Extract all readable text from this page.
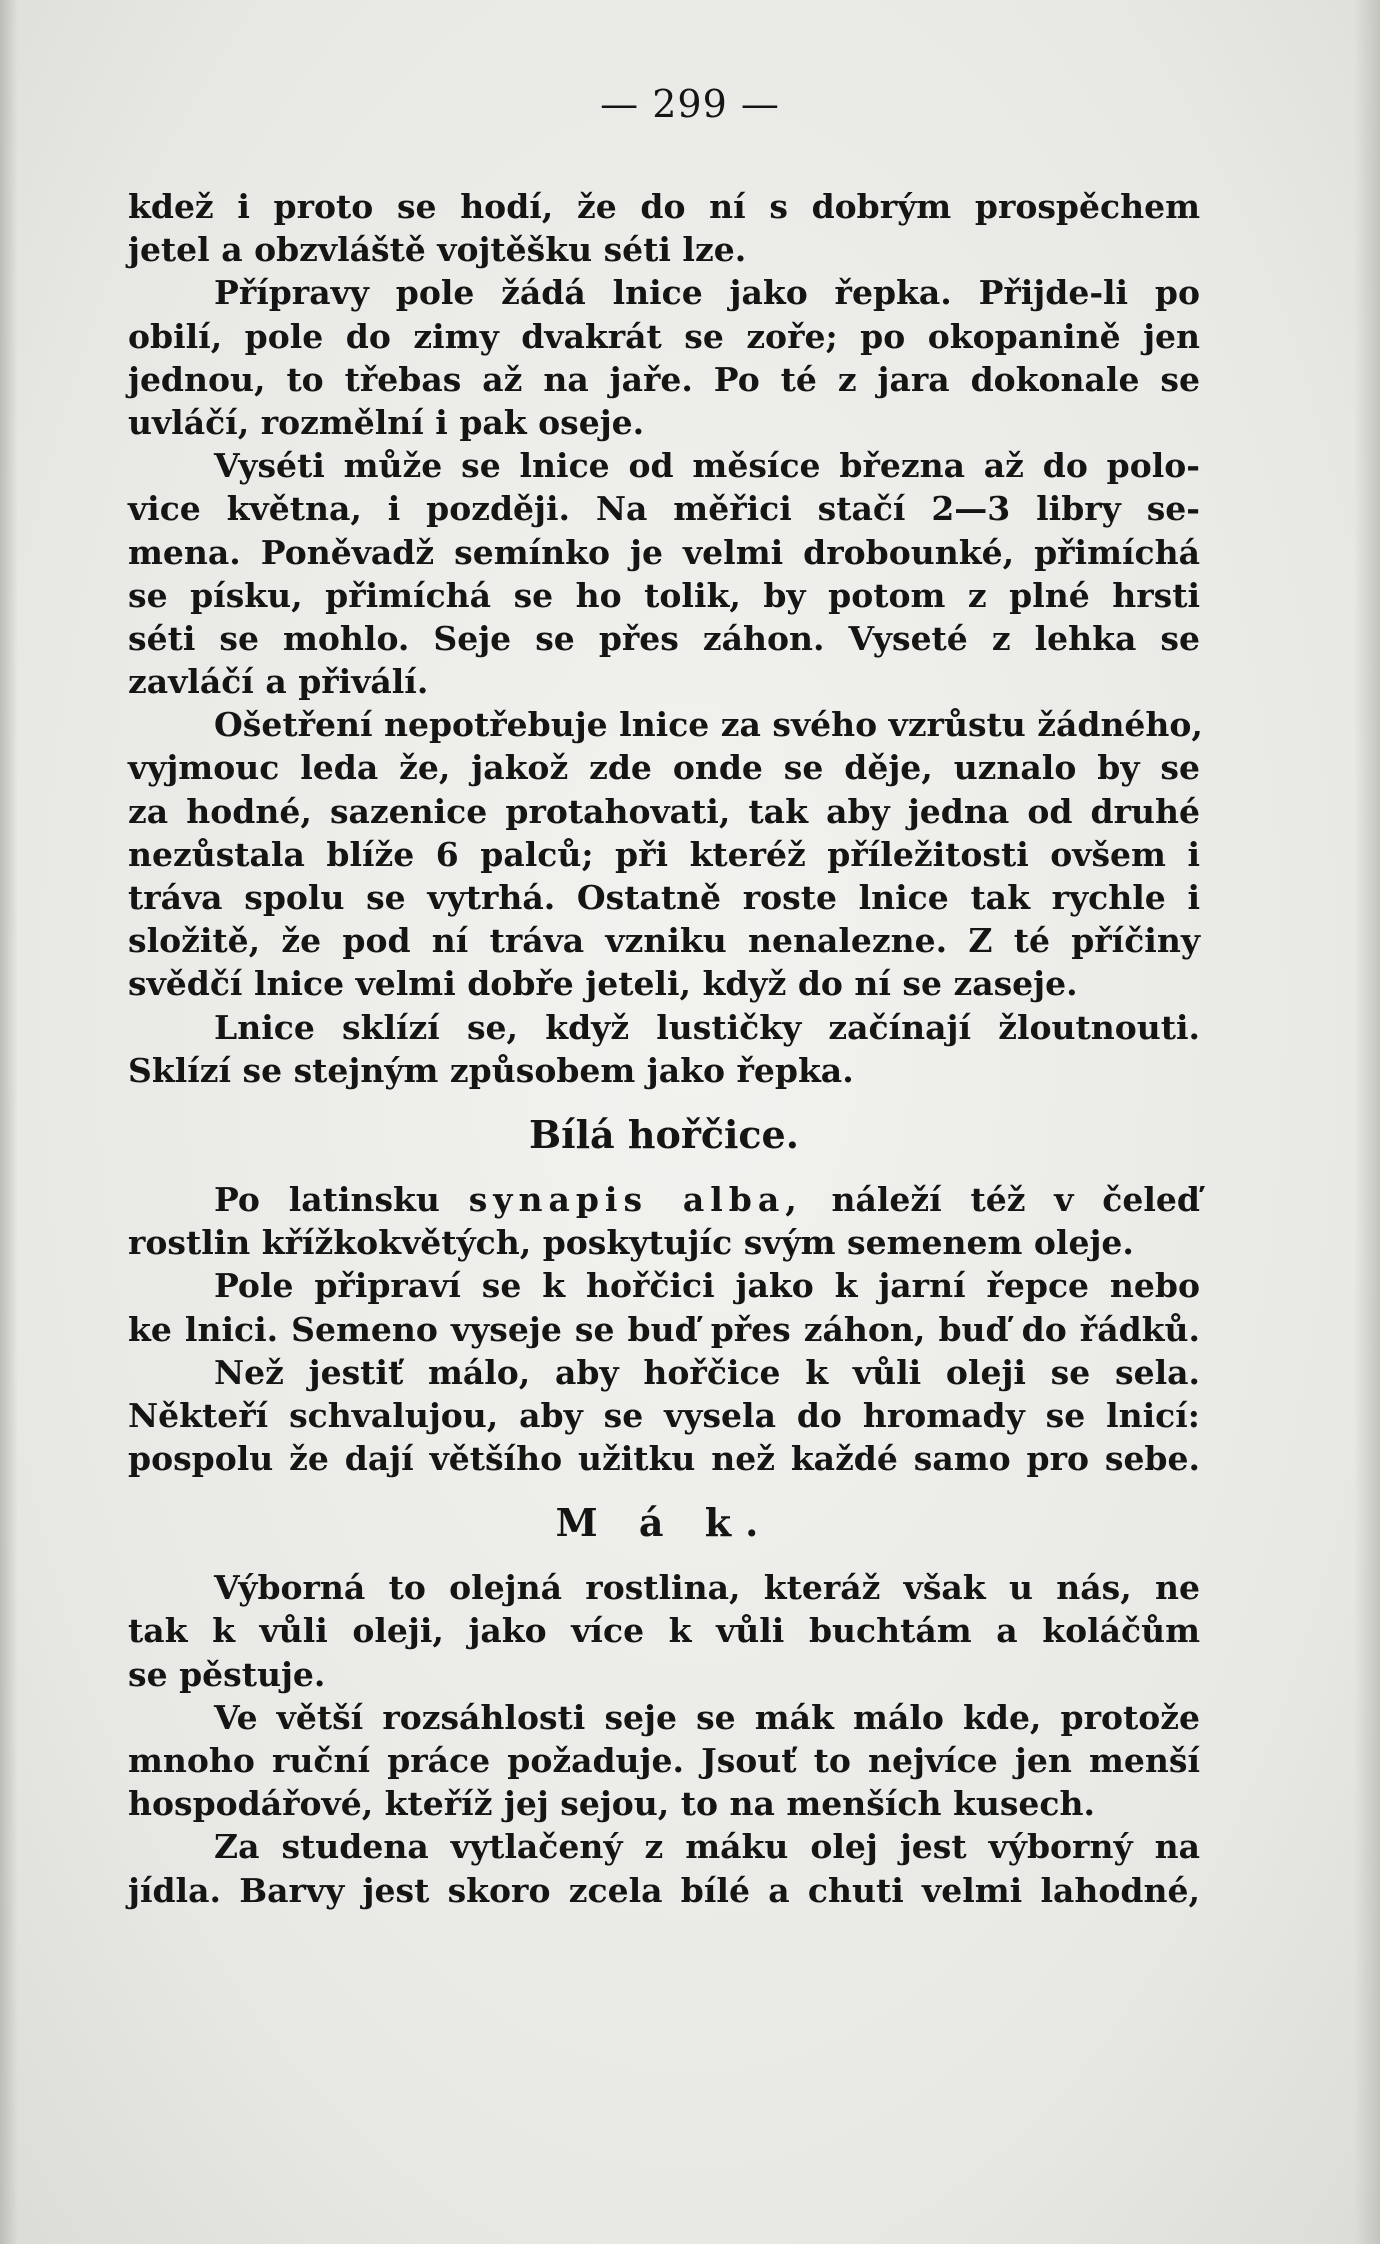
— 299 —
kdež i proto se hodí, že do ní s dobrým prospěchem
jetel a obzvláště vojtěšku séti lze.
Přípravy pole žádá lnice jako řepka. Přijde-li po
obilí, pole do zimy dvakrát se zoře; po okopanině jen
jednou, to třebas až na jaře. Po té z jara dokonale se
uvláčí, rozmělní i pak oseje.
Vyséti může se lnice od měsíce března až do polo-
vice května, i později. Na měřici stačí 2—3 libry se-
mena. Poněvadž semínko je velmi drobounké, přimíchá
se písku, přimíchá se ho tolik, by potom z plné hrsti
séti se mohlo. Seje se přes záhon. Vyseté z lehka se
zavláčí a přiválí.
Ošetření nepotřebuje lnice za svého vzrůstu žádného,
vyjmouc leda že, jakož zde onde se děje, uznalo by se
za hodné, sazenice protahovati, tak aby jedna od druhé
nezůstala blíže 6 palců; při kteréž příležitosti ovšem i
tráva spolu se vytrhá. Ostatně roste lnice tak rychle i
složitě, že pod ní tráva vzniku nenalezne. Z té příčiny
svědčí lnice velmi dobře jeteli, když do ní se zaseje.
Lnice sklízí se, když lustičky začínají žloutnouti.
Sklízí se stejným způsobem jako řepka.
Bílá hořčice.
Po latinsku synapis alba, náleží též v čeleď
rostlin křížkokvětých, poskytujíc svým semenem oleje.
Pole připraví se k hořčici jako k jarní řepce nebo
ke lnici. Semeno vyseje se buď přes záhon, buď do řádků.
Než jestiť málo, aby hořčice k vůli oleji se sela.
Někteří schvalujou, aby se vysela do hromady se lnicí:
pospolu že dají většího užitku než každé samo pro sebe.
M á k.
Výborná to olejná rostlina, kteráž však u nás, ne
tak k vůli oleji, jako více k vůli buchtám a koláčům
se pěstuje.
Ve větší rozsáhlosti seje se mák málo kde, protože
mnoho ruční práce požaduje. Jsouť to nejvíce jen menší
hospodářové, kteříž jej sejou, to na menších kusech.
Za studena vytlačený z máku olej jest výborný na
jídla. Barvy jest skoro zcela bílé a chuti velmi lahodné,
